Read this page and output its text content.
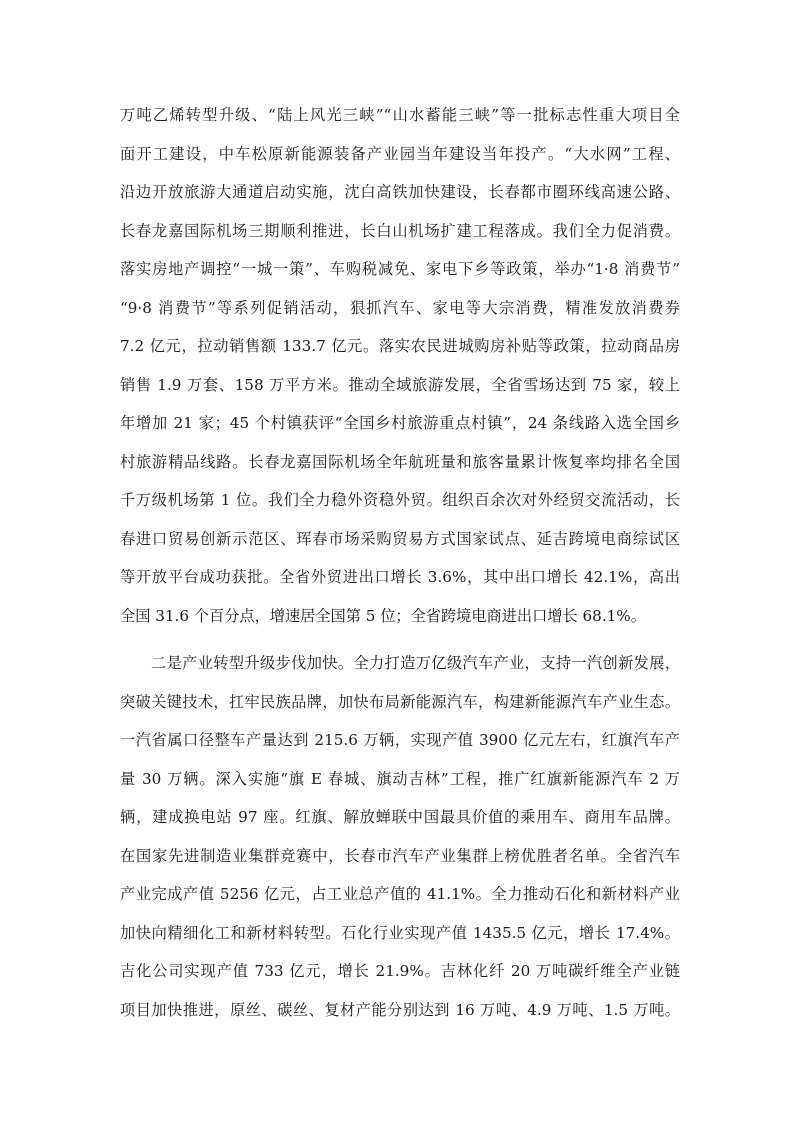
万吨乙烯转型升级、“陆上风光三峡”“山水蓄能三峡”等一批标志性重大项目全
面开工建设，中车松原新能源装备产业园当年建设当年投产。“大水网”工程、
沿边开放旅游大通道启动实施，沈白高铁加快建设，长春都市圈环线高速公路、
长春龙嘉国际机场三期顺利推进，长白山机场扩建工程落成。我们全力促消费。
落实房地产调控“一城一策”、车购税减免、家电下乡等政策，举办“1·8 消费节”
“9·8 消费节”等系列促销活动，狠抓汽车、家电等大宗消费，精准发放消费券
7.2 亿元，拉动销售额 133.7 亿元。落实农民进城购房补贴等政策，拉动商品房
销售 1.9 万套、158 万平方米。推动全域旅游发展，全省雪场达到 75 家，较上
年增加 21 家；45 个村镇获评“全国乡村旅游重点村镇”，24 条线路入选全国乡
村旅游精品线路。长春龙嘉国际机场全年航班量和旅客量累计恢复率均排名全国
千万级机场第 1 位。我们全力稳外资稳外贸。组织百余次对外经贸交流活动，长
春进口贸易创新示范区、珲春市场采购贸易方式国家试点、延吉跨境电商综试区
等开放平台成功获批。全省外贸进出口增长 3.6%，其中出口增长 42.1%，高出
全国 31.6 个百分点，增速居全国第 5 位；全省跨境电商进出口增长 68.1%。
二是产业转型升级步伐加快。全力打造万亿级汽车产业，支持一汽创新发展，
突破关键技术，扛牢民族品牌，加快布局新能源汽车，构建新能源汽车产业生态。
一汽省属口径整车产量达到 215.6 万辆，实现产值 3900 亿元左右，红旗汽车产
量 30 万辆。深入实施“旗 E 春城、旗动吉林”工程，推广红旗新能源汽车 2 万
辆，建成换电站 97 座。红旗、解放蝉联中国最具价值的乘用车、商用车品牌。
在国家先进制造业集群竞赛中，长春市汽车产业集群上榜优胜者名单。全省汽车
产业完成产值 5256 亿元，占工业总产值的 41.1%。全力推动石化和新材料产业
加快向精细化工和新材料转型。石化行业实现产值 1435.5 亿元，增长 17.4%。
吉化公司实现产值 733 亿元，增长 21.9%。吉林化纤 20 万吨碳纤维全产业链
项目加快推进，原丝、碳丝、复材产能分别达到 16 万吨、4.9 万吨、1.5 万吨。
